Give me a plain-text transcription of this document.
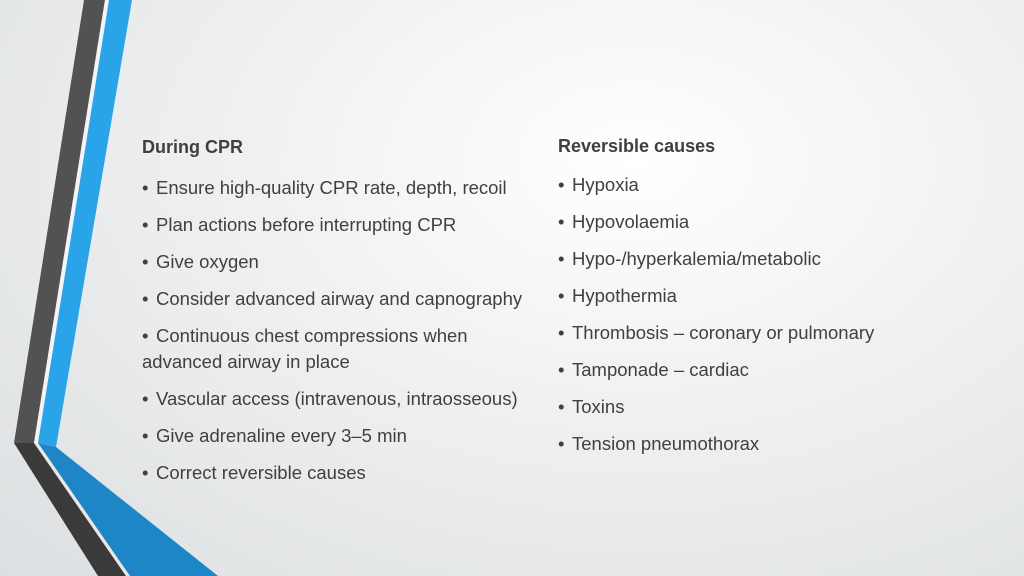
During CPR
• Ensure high-quality CPR rate, depth, recoil
• Plan actions before interrupting CPR
• Give oxygen
• Consider advanced airway and capnography
• Continuous chest compressions when advanced airway in place
• Vascular access (intravenous, intraosseous)
• Give adrenaline every 3–5 min
• Correct reversible causes
Reversible causes
• Hypoxia
• Hypovolaemia
• Hypo-/hyperkalemia/metabolic
• Hypothermia
• Thrombosis – coronary or pulmonary
• Tamponade – cardiac
• Toxins
• Tension pneumothorax
